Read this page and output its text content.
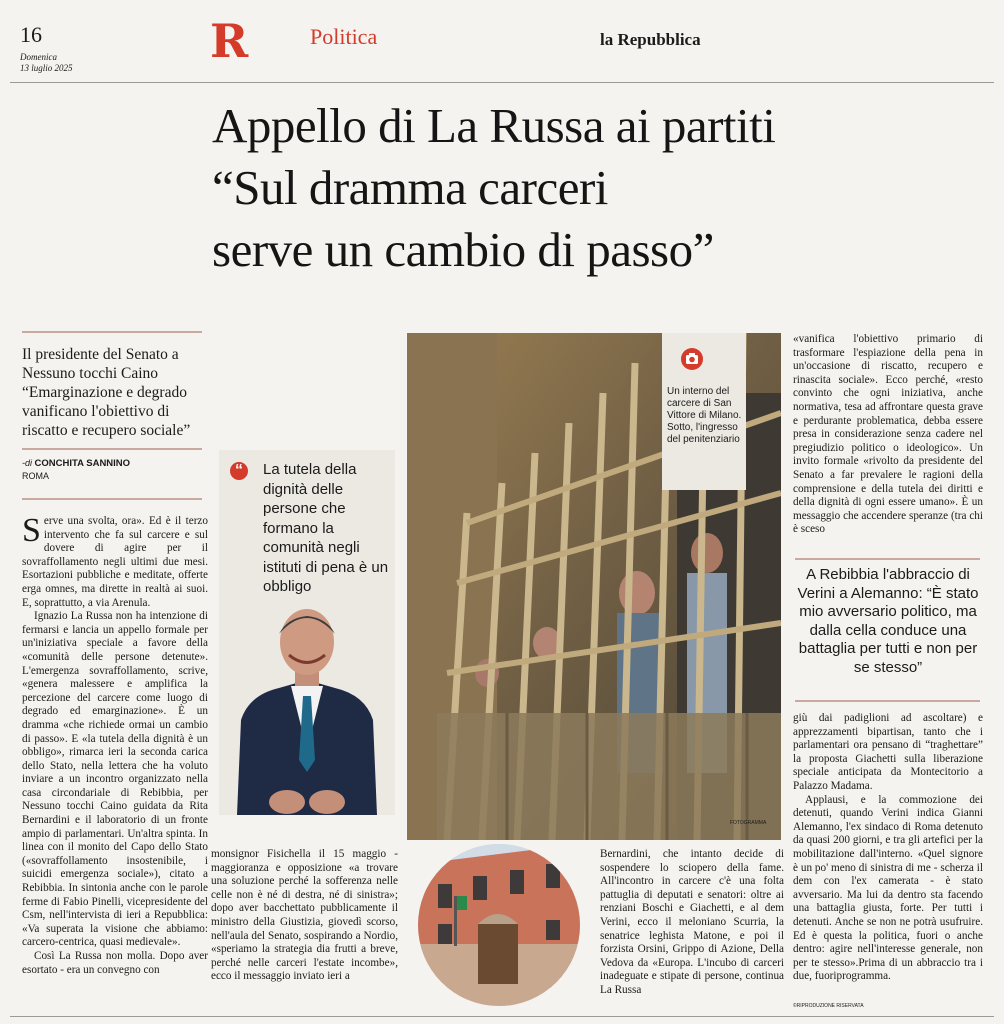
16
Domenica
13 luglio 2025	R	Politica	la Repubblica
Appello di La Russa ai partiti
“Sul dramma carceri
serve un cambio di passo”
Il presidente del Senato a Nessuno tocchi Caino “Emarginazione e degrado vanificano l'obiettivo di riscatto e recupero sociale”
-di CONCHITA SANNINO
ROMA

Serve una svolta, ora». Ed è il terzo intervento che fa sul carcere e sul dovere di agire per il sovraffollamento negli ultimi due mesi. Esortazioni pubbliche e meditate, offerte erga omnes, ma dirette in realtà ai suoi. E, soprattutto, a via Arenula.

Ignazio La Russa non ha intenzione di fermarsi e lancia un appello formale per un'iniziativa speciale a favore della «comunità delle persone detenute». L'emergenza sovraffollamento, scrive, «genera malessere e amplifica la percezione del carcere come luogo di degrado ed emarginazione». È un dramma «che richiede ormai un cambio di passo». E «la tutela della dignità è un obbligo», rimarca ieri la seconda carica dello Stato, nella lettera che ha voluto inviare a un incontro organizzato nella casa circondariale di Rebibbia, per Nessuno tocchi Caino guidata da Rita Bernardini e il laboratorio di un fronte ampio di parlamentari. Un'altra spinta. In linea con il monito del Capo dello Stato («sovraffollamento insostenibile, i suicidi emergenza sociale»), citato a Rebibbia. In sintonia anche con le parole ferme di Fabio Pinelli, vicepresidente del Csm, nell'intervista di ieri a Repubblica: «Va superata la visione che abbiamo: carcero-centrica, quasi medievale».

Così La Russa non molla. Dopo aver esortato - era un convegno con

“	La tutela della dignità delle persone che formano la comunità negli istituti di pena è un obbligo
Un interno del carcere di San Vittore di Milano. Sotto, l'ingresso del penitenziario
FOTOGRAMMA

monsignor Fisichella il 15 maggio - maggioranza e opposizione «a trovare una soluzione perché la sofferenza nelle celle non è né di destra, né di sinistra»; dopo aver bacchettato pubblicamente il ministro della Giustizia, giovedì scorso, nell'aula del Senato, sospirando a Nordio, «speriamo la strategia dia frutti a breve, perché nelle carceri l'estate incombe», ecco il messaggio inviato ieri a

Bernardini, che intanto decide di sospendere lo sciopero della fame. All'incontro in carcere c'è una folta pattuglia di deputati e senatori: oltre ai renziani Boschi e Giachetti, e al dem Verini, ecco il meloniano Scurria, la senatrice leghista Matone, e poi il forzista Orsini, Grippo di Azione, Della Vedova da «Europa. L'incubo di carceri inadeguate e stipate di persone, continua La Russa

«vanifica l'obiettivo primario di trasformare l'espiazione della pena in un'occasione di riscatto, recupero e rinascita sociale». Ecco perché, «resto convinto che ogni iniziativa, anche normativa, tesa ad affrontare questa grave e perdurante problematica, debba essere presa in considerazione senza cadere nel pregiudizio politico o ideologico». Un invito formale «rivolto da presidente del Senato a far prevalere le ragioni della comprensione e della tutela dei diritti e della dignità di ogni essere umano». È un messaggio che accendere speranze (tra chi è sceso

A Rebibbia l'abbraccio di Verini a Alemanno: “È stato mio avversario politico, ma dalla cella conduce una battaglia per tutti e non per se stesso”

giù dai padiglioni ad ascoltare) e apprezzamenti bipartisan, tanto che i parlamentari ora pensano di “traghettare” la proposta Giachetti sulla liberazione speciale anticipata da Montecitorio a Palazzo Madama.

Applausi, e la commozione dei detenuti, quando Verini indica Gianni Alemanno, l'ex sindaco di Roma detenuto da quasi 200 giorni, e tra gli artefici per la mobilitazione dall'interno. «Quel signore è un po' meno di sinistra di me - scherza il dem con l'ex camerata - è stato avversario. Ma lui da dentro sta facendo una battaglia giusta, forte. Per tutti i detenuti. Anche se non ne potrà usufruire. Ed è questa la politica, fuori o anche dentro: agire nell'interesse generale, non per te stesso».Prima di un abbraccio tra i due, fuoriprogramma.

©RIPRODUZIONE RISERVATA
